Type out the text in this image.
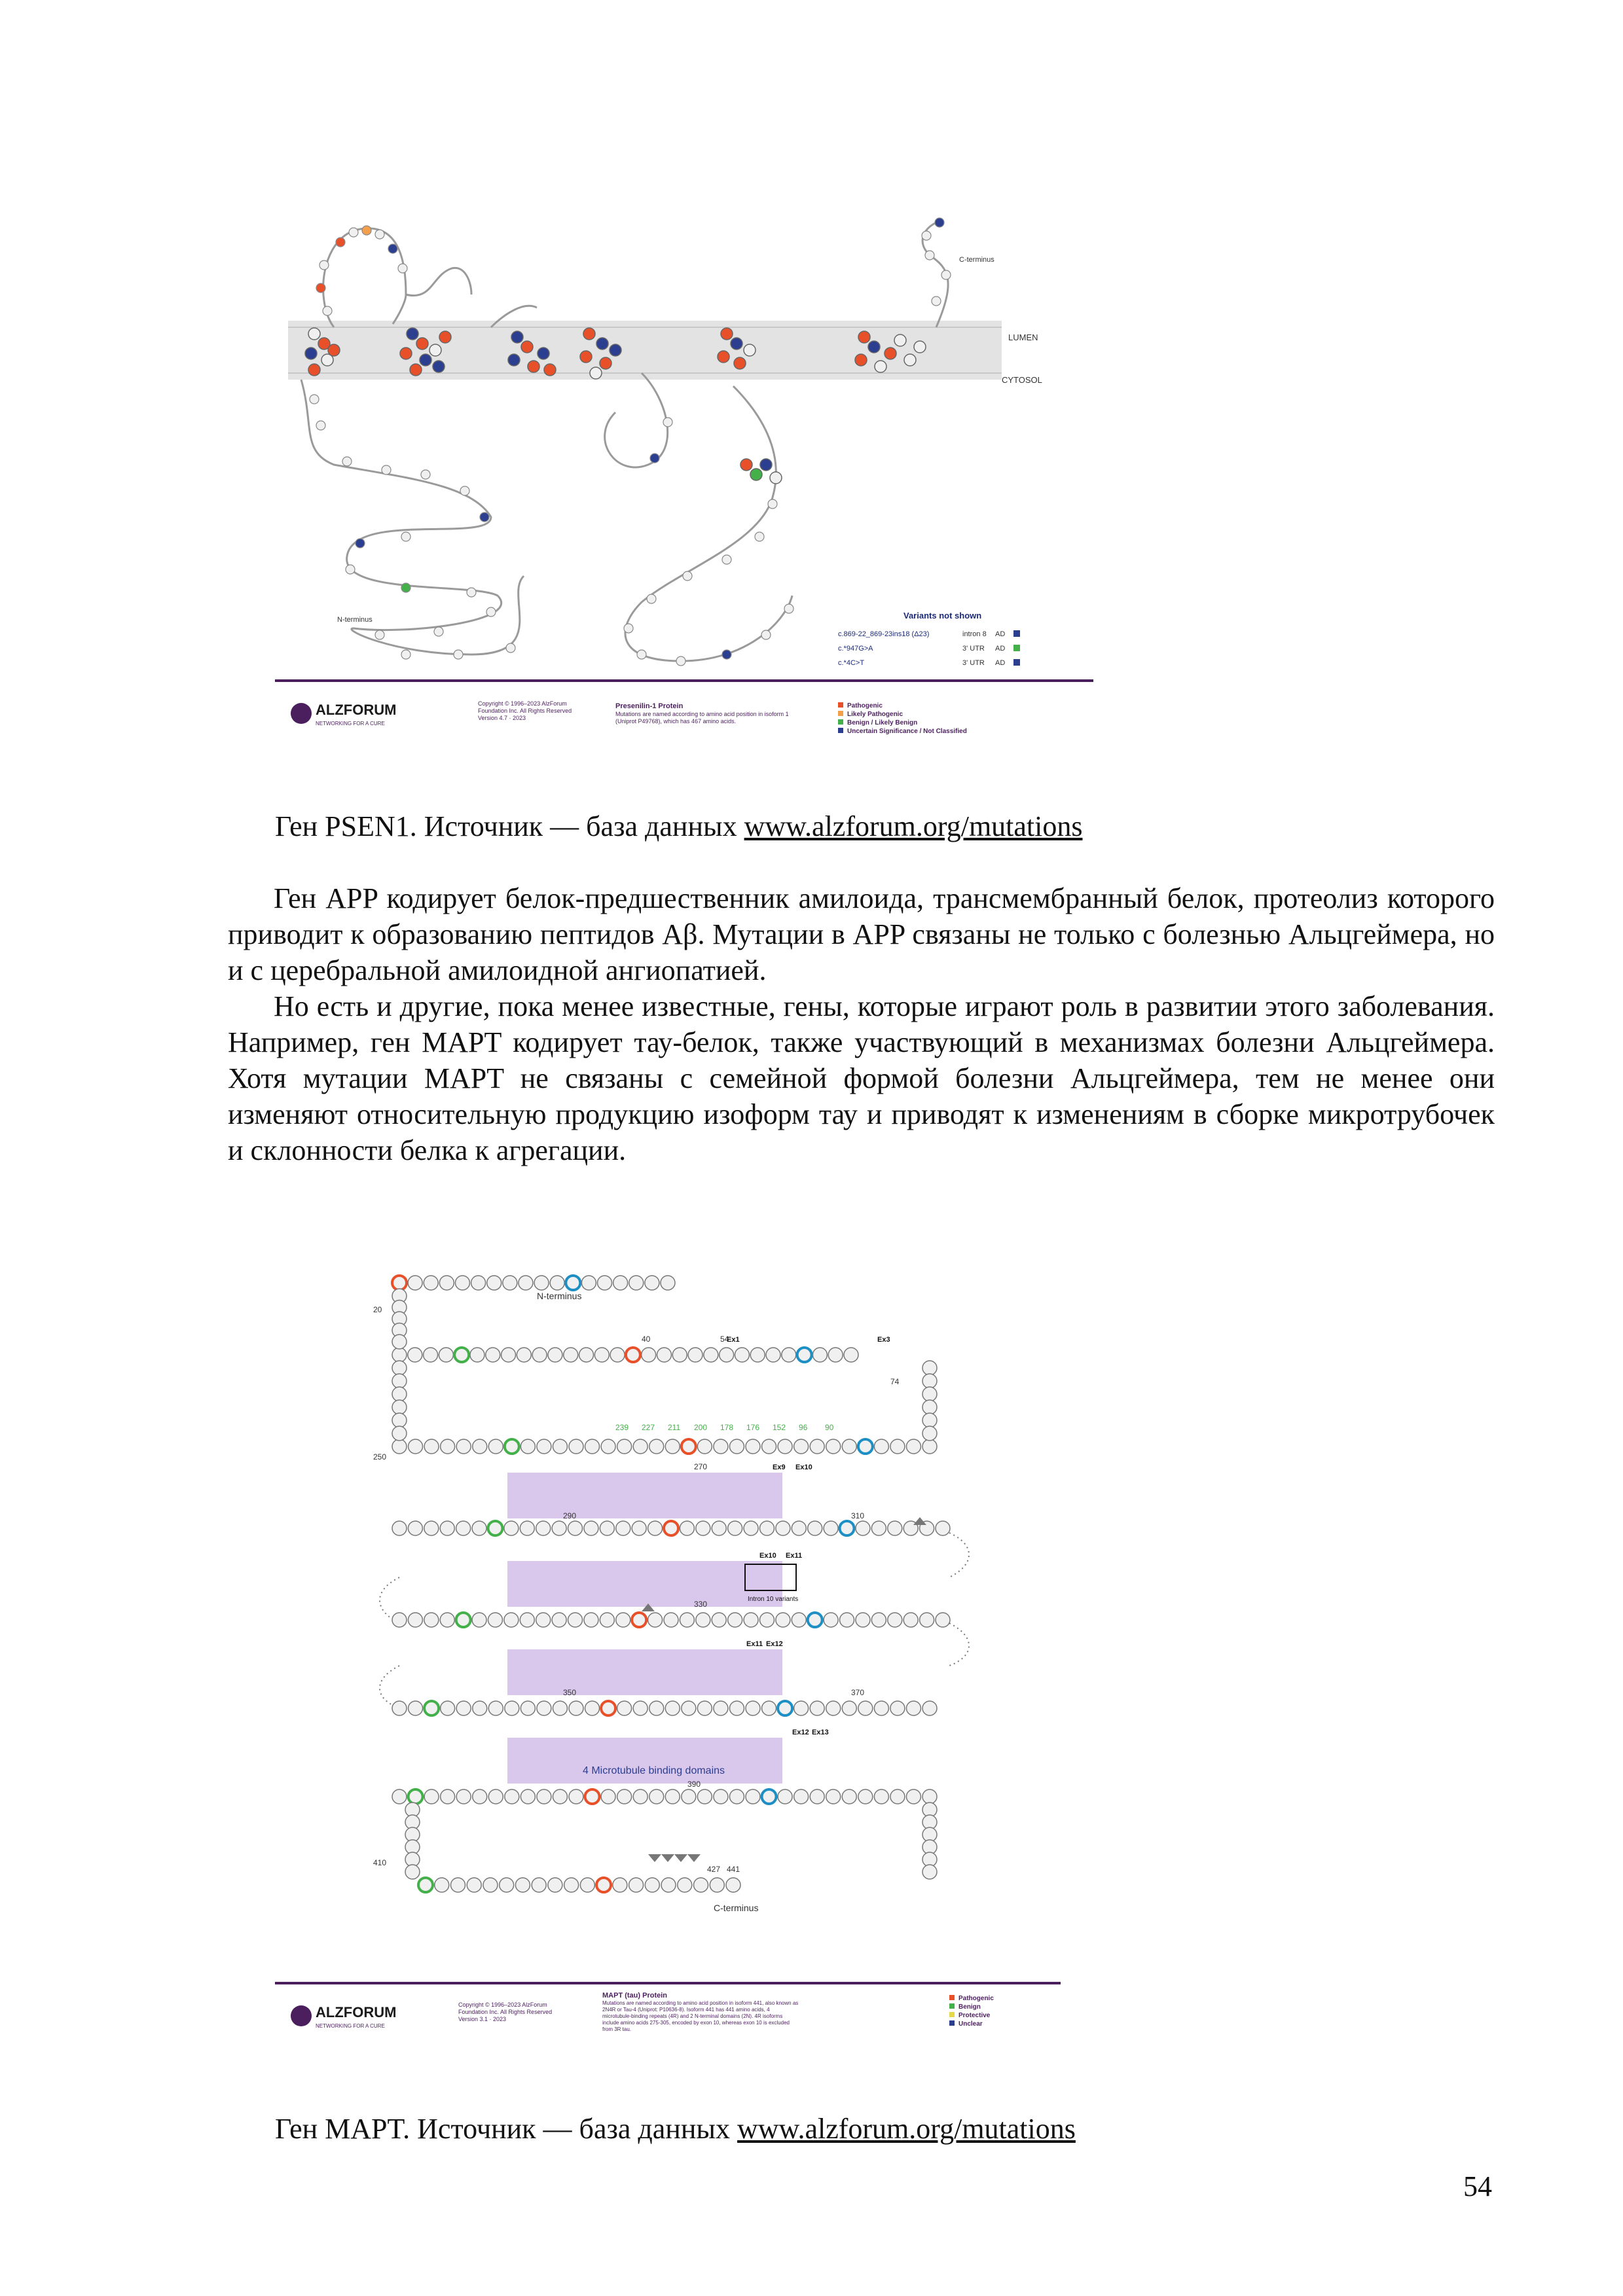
LUMEN
CYTOSOL
C-terminus
N-terminus	Variants not shown
c.869-22_869-23ins18 (Δ23)	intron 8 AD
c.*947G>A	3' UTR AD
c.*4C>T	3' UTR AD
ALZFORUM
NETWORKING FOR A CURE
Copyright © 1996–2023 AlzForum Foundation Inc. All Rights Reserved Version 4.7 · 2023
Presenilin-1 Protein
Mutations are named according to amino acid position in isoform 1 (Uniprot P49768), which has 467 amino acids.
Pathogenic
Likely Pathogenic
Benign / Likely Benign
Uncertain Significance / Not Classified
Ген PSEN1. Источник — база данных www.alzforum.org/mutations

Ген APP кодирует белок-предшественник амилоида, трансмембранный белок, протеолиз которого приводит к образованию пептидов Aβ. Мутации в APP связаны не только с болезнью Альцгеймера, но и с церебральной амилоидной ангиопатией.

Но есть и другие, пока менее известные, гены, которые играют роль в развитии этого заболевания. Например, ген MAPT кодирует тау-белок, также участвующий в механизмах болезни Альцгеймера. Хотя мутации MAPT не связаны с семейной формой болезни Альцгеймера, тем не менее они изменяют относительную продукцию изоформ тау и приводят к изменениям в сборке микротрубочек и склонности белка к агрегации.

4 Microtubule binding domains
Intron 10 variants
20
40	54
74
239 227 211 200 178 176 152 96 90
250
270
290	310
330
350	370
390
410
427 441
Ex1	Ex3
Ex9 Ex10
Ex10 Ex11
Ex11 Ex12
Ex12 Ex13
N-terminus
C-terminus
ALZFORUM
NETWORKING FOR A CURE
Copyright © 1996–2023 AlzForum Foundation Inc. All Rights Reserved Version 3.1 · 2023
MAPT (tau) Protein
Mutations are named according to amino acid position in isoform 441, also known as 2N4R or Tau-4 (Uniprot: P10636-8). Isoform 441 has 441 amino acids, 4 microtubule-binding repeats (4R) and 2 N-terminal domains (2N). 4R isoforms include amino acids 275-305, encoded by exon 10, whereas exon 10 is excluded from 3R tau.
Pathogenic
Benign
Protective
Unclear
Ген MAPT. Источник — база данных www.alzforum.org/mutations
54
